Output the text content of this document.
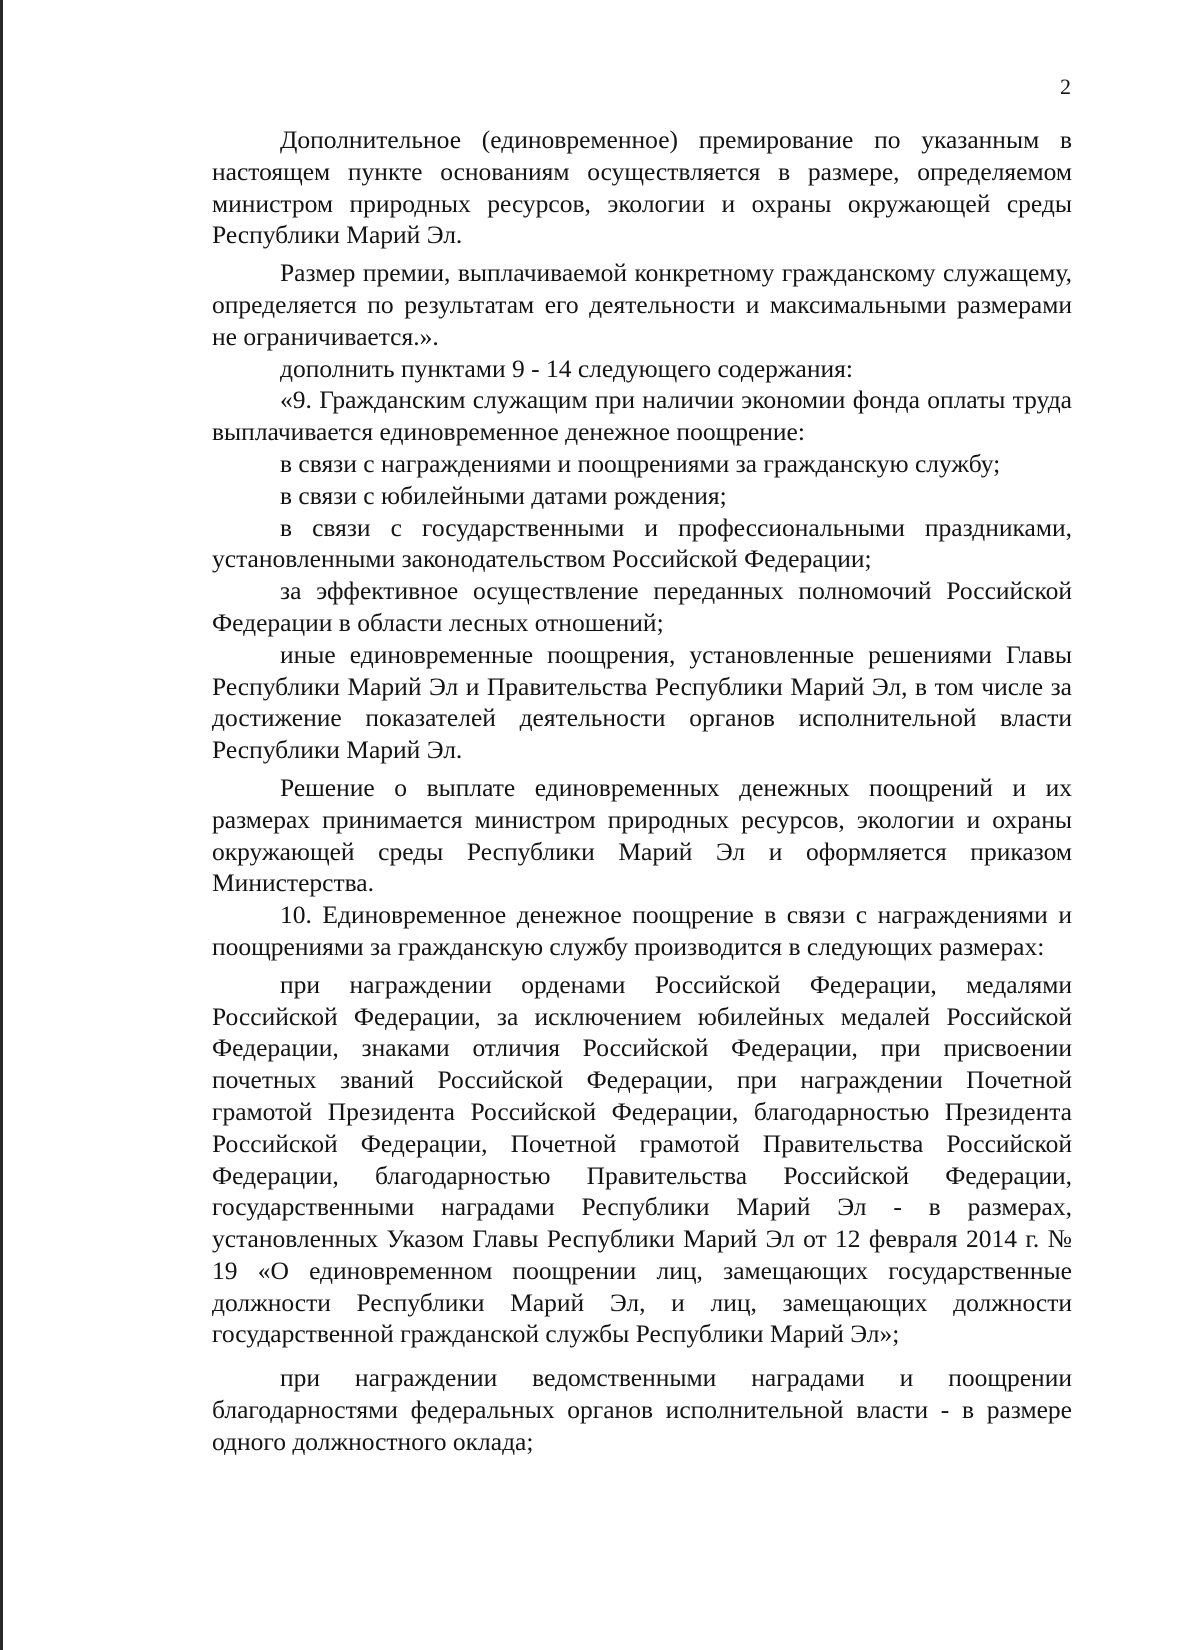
2

Дополнительное (единовременное) премирование по указанным в настоящем пункте основаниям осуществляется в размере, определяемом министром природных ресурсов, экологии и охраны окружающей среды Республики Марий Эл.

Размер премии, выплачиваемой конкретному гражданскому служащему, определяется по результатам его деятельности и максимальными размерами не ограничивается.».

дополнить пунктами 9 - 14 следующего содержания:

«9. Гражданским служащим при наличии экономии фонда оплаты труда выплачивается единовременное денежное поощрение:

в связи с награждениями и поощрениями за гражданскую службу;

в связи с юбилейными датами рождения;

в связи с государственными и профессиональными праздниками, установленными законодательством Российской Федерации;

за эффективное осуществление переданных полномочий Российской Федерации в области лесных отношений;

иные единовременные поощрения, установленные решениями Главы Республики Марий Эл и Правительства Республики Марий Эл, в том числе за достижение показателей деятельности органов исполнительной власти Республики Марий Эл.

Решение о выплате единовременных денежных поощрений и их размерах принимается министром природных ресурсов, экологии и охраны окружающей среды Республики Марий Эл и оформляется приказом Министерства.

10. Единовременное денежное поощрение в связи с награждениями и поощрениями за гражданскую службу производится в следующих размерах:

при награждении орденами Российской Федерации, медалями Российской Федерации, за исключением юбилейных медалей Российской Федерации, знаками отличия Российской Федерации, при присвоении почетных званий Российской Федерации, при награждении Почетной грамотой Президента Российской Федерации, благодарностью Президента Российской Федерации, Почетной грамотой Правительства Российской Федерации, благодарностью Правительства Российской Федерации, государственными наградами Республики Марий Эл - в размерах, установленных Указом Главы Республики Марий Эл от 12 февраля 2014 г. № 19 «О единовременном поощрении лиц, замещающих государственные должности Республики Марий Эл, и лиц, замещающих должности государственной гражданской службы Республики Марий Эл»;

при награждении ведомственными наградами и поощрении благодарностями федеральных органов исполнительной власти - в размере одного должностного оклада;
